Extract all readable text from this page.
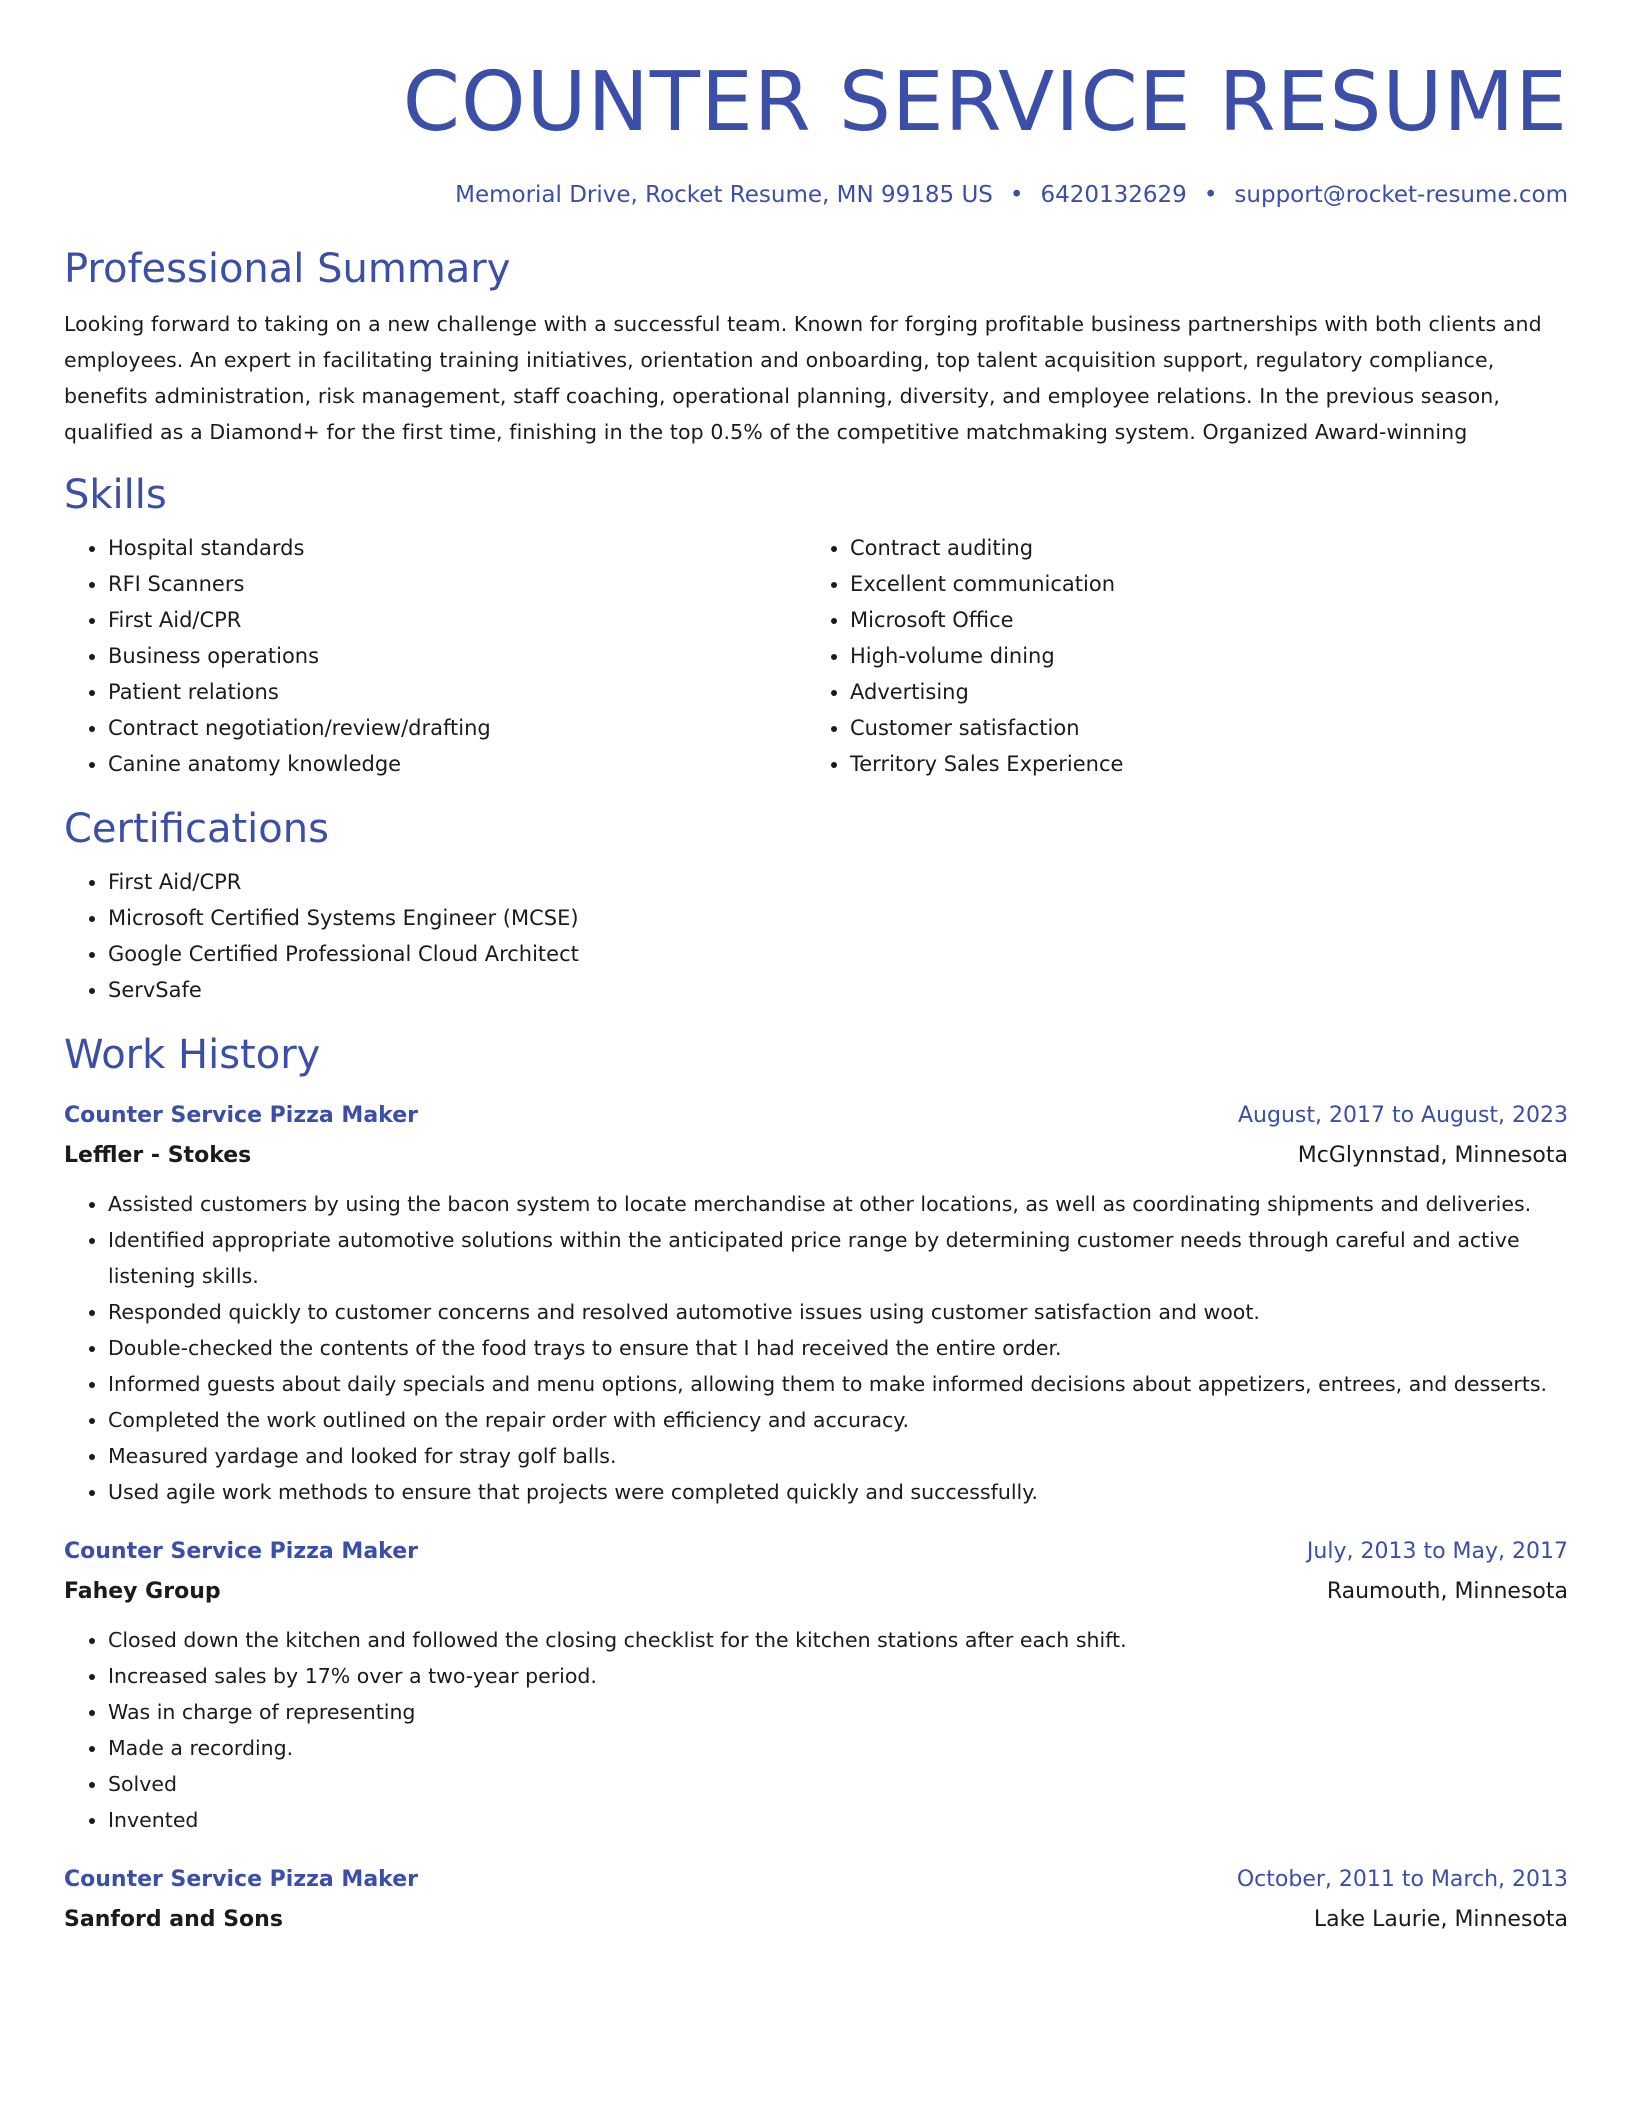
COUNTER SERVICE RESUME
Memorial Drive, Rocket Resume, MN 99185 US • 6420132629 • support@rocket-resume.com
Professional Summary

Looking forward to taking on a new challenge with a successful team. Known for forging profitable business partnerships with both clients and employees. An expert in facilitating training initiatives, orientation and onboarding, top talent acquisition support, regulatory compliance, benefits administration, risk management, staff coaching, operational planning, diversity, and employee relations. In the previous season, qualified as a Diamond+ for the first time, finishing in the top 0.5% of the competitive matchmaking system. Organized Award-winning

Skills
• Hospital standards
• RFI Scanners
• First Aid/CPR
• Business operations
• Patient relations
• Contract negotiation/review/drafting
• Canine anatomy knowledge
• Contract auditing
• Excellent communication
• Microsoft Office
• High-volume dining
• Advertising
• Customer satisfaction
• Territory Sales Experience
Certifications
• First Aid/CPR
• Microsoft Certified Systems Engineer (MCSE)
• Google Certified Professional Cloud Architect
• ServSafe
Work History
Counter Service Pizza Maker	August, 2017 to August, 2023
Leffler - Stokes	McGlynnstad, Minnesota
• Assisted customers by using the bacon system to locate merchandise at other locations, as well as coordinating shipments and deliveries.
• Identified appropriate automotive solutions within the anticipated price range by determining customer needs through careful and active listening skills.
• Responded quickly to customer concerns and resolved automotive issues using customer satisfaction and woot.
• Double-checked the contents of the food trays to ensure that I had received the entire order.
• Informed guests about daily specials and menu options, allowing them to make informed decisions about appetizers, entrees, and desserts.
• Completed the work outlined on the repair order with efficiency and accuracy.
• Measured yardage and looked for stray golf balls.
• Used agile work methods to ensure that projects were completed quickly and successfully.
Counter Service Pizza Maker	July, 2013 to May, 2017
Fahey Group	Raumouth, Minnesota
• Closed down the kitchen and followed the closing checklist for the kitchen stations after each shift.
• Increased sales by 17% over a two-year period.
• Was in charge of representing
• Made a recording.
• Solved
• Invented
Counter Service Pizza Maker	October, 2011 to March, 2013
Sanford and Sons	Lake Laurie, Minnesota
